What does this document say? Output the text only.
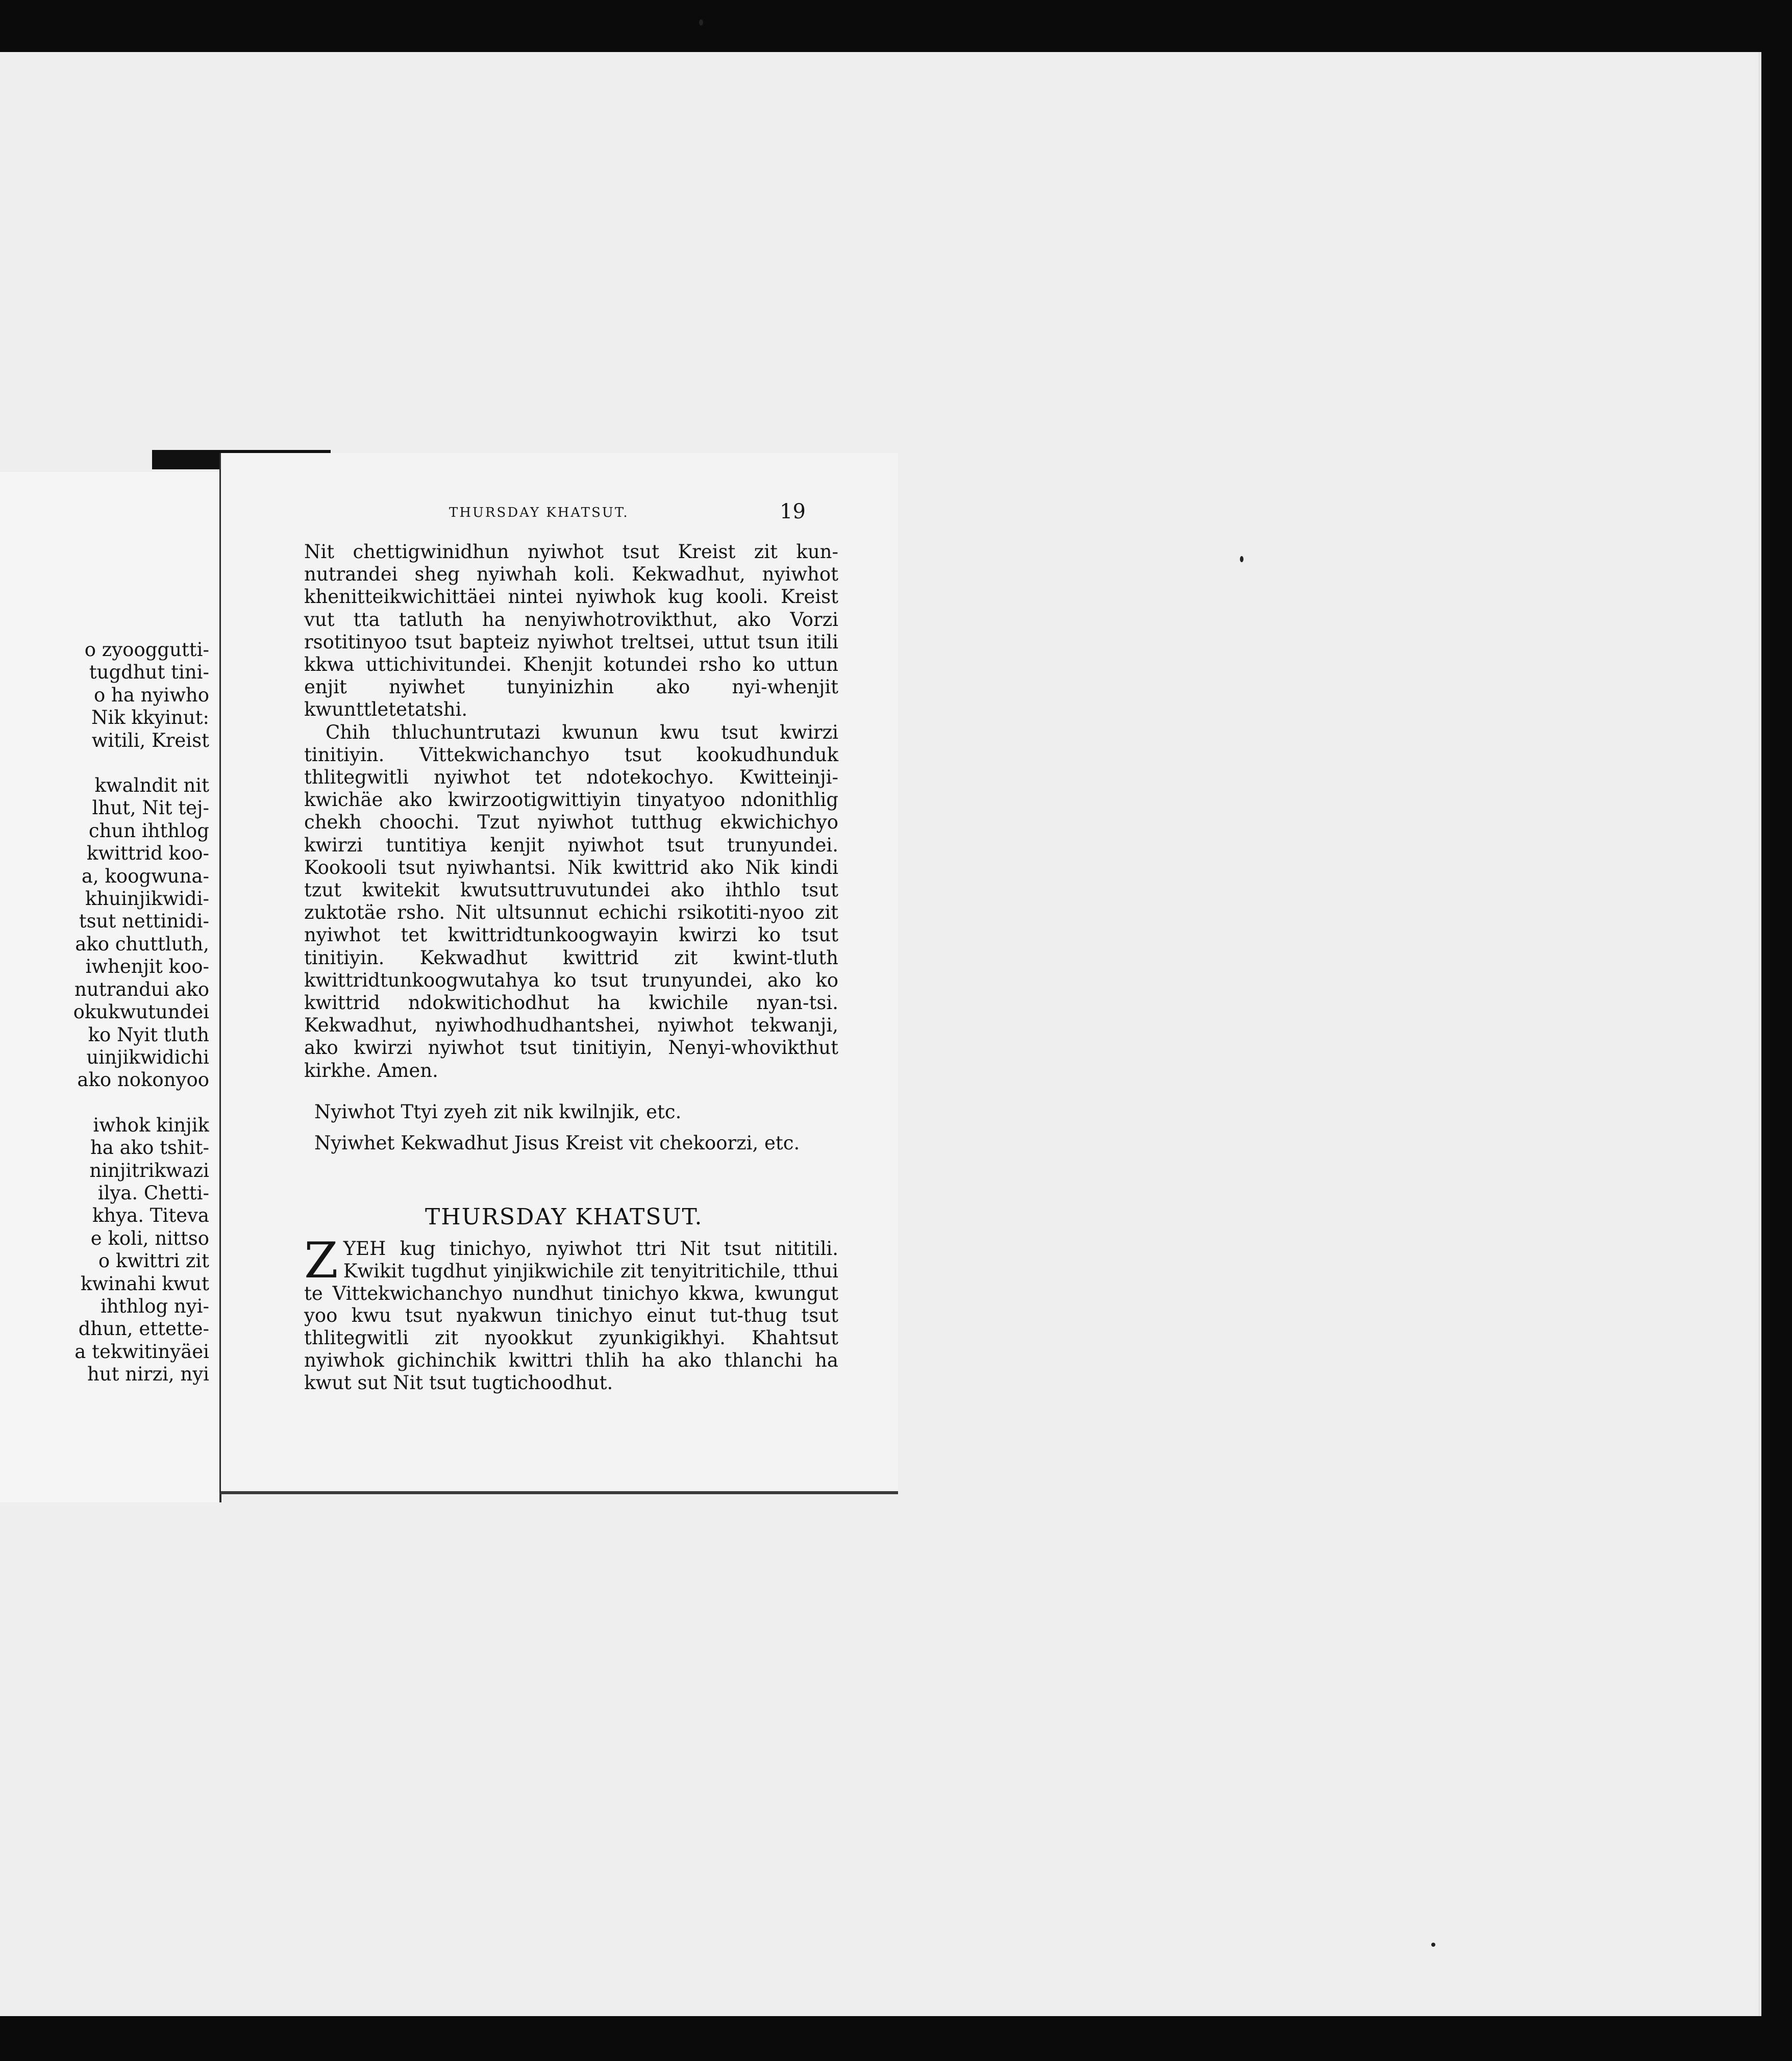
o zyooggutti-
tugdhut tini-
o ha nyiwho
Nik kkyinut:
witili, Kreist
kwalndit nit
lhut, Nit tej-
chun ihthlog
kwittrid koo-
a, koogwuna-
khuinjikwidi-
tsut nettinidi-
ako chuttluth,
iwhenjit koo-
nutrandui ako
okukwutundei
ko Nyit tluth
uinjikwidichi
ako nokonyoo
iwhok kinjik
ha ako tshit-
ninjitrikwazi
ilya. Chetti-
khya. Titeva
e koli, nittso
o kwittri zit
kwinahi kwut
ihthlog nyi-
dhun, ettette-
a tekwitinyäei
hut nirzi, nyi
THURSDAY KHATSUT.	19

Nit chettigwinidhun nyiwhot tsut Kreist zit kun-nutrandei sheg nyiwhah koli. Kekwadhut, nyiwhot khenitteikwichittäei nintei nyiwhok kug kooli. Kreist vut tta tatluth ha nenyiwhotrovikthut, ako Vorzi rsotitinyoo tsut bapteiz nyiwhot treltsei, uttut tsun itili kkwa uttichivitundei. Khenjit kotundei rsho ko uttun enjit nyiwhet tunyinizhin ako nyi-whenjit kwunttletetatshi.

Chih thluchuntrutazi kwunun kwu tsut kwirzi tinitiyin. Vittekwichanchyo tsut kookudhunduk thlitegwitli nyiwhot tet ndotekochyo. Kwitteinji-kwichäe ako kwirzootigwittiyin tinyatyoo ndonithlig chekh choochi. Tzut nyiwhot tutthug ekwichichyo kwirzi tuntitiya kenjit nyiwhot tsut trunyundei. Kookooli tsut nyiwhantsi. Nik kwittrid ako Nik kindi tzut kwitekit kwutsuttruvutundei ako ihthlo tsut zuktotäe rsho. Nit ultsunnut echichi rsikotiti-nyoo zit nyiwhot tet kwittridtunkoogwayin kwirzi ko tsut tinitiyin. Kekwadhut kwittrid zit kwint-tluth kwittridtunkoogwutahya ko tsut trunyundei, ako ko kwittrid ndokwitichodhut ha kwichile nyan-tsi. Kekwadhut, nyiwhodhudhantshei, nyiwhot tekwanji, ako kwirzi nyiwhot tsut tinitiyin, Nenyi-whovikthut kirkhe. Amen.

Nyiwhot Ttyi zyeh zit nik kwilnjik, etc.
Nyiwhet Kekwadhut Jisus Kreist vit chekoorzi, etc.
THURSDAY KHATSUT.
Z YEH kug tinichyo, nyiwhot ttri Nit tsut nititili. Kwikit tugdhut yinjikwichile zit tenyitritichile, tthui te Vittekwichanchyo nundhut tinichyo kkwa, kwungut yoo kwu tsut nyakwun tinichyo einut tut-thug tsut thlitegwitli zit nyookkut zyunkigikhyi. Khahtsut nyiwhok gichinchik kwittri thlih ha ako thlanchi ha kwut sut Nit tsut tugtichoodhut.
